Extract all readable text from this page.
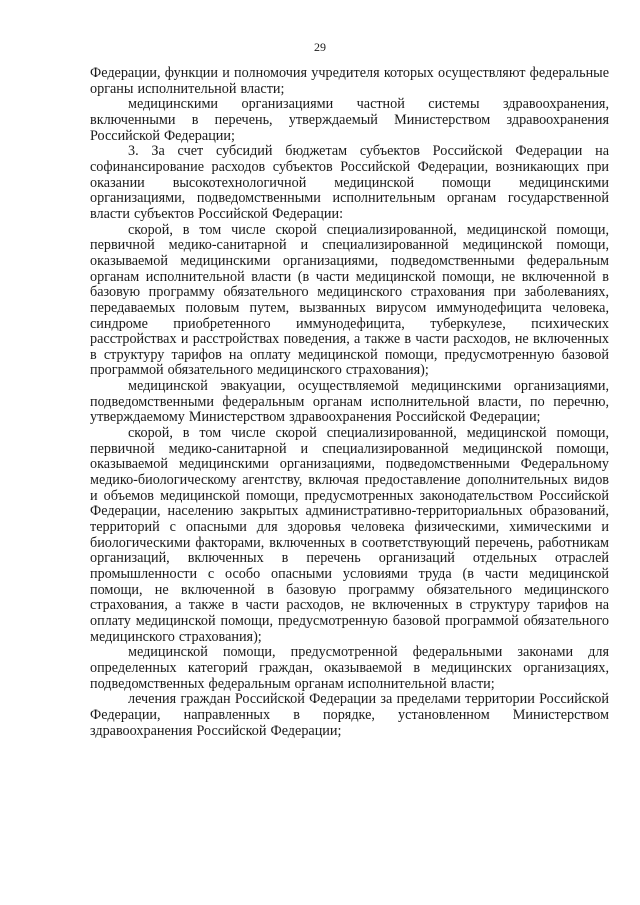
29

Федерации, функции и полномочия учредителя которых осуществляют федеральные органы исполнительной власти;

медицинскими организациями частной системы здравоохранения, включенными в перечень, утверждаемый Министерством здравоохранения Российской Федерации;

3. За счет субсидий бюджетам субъектов Российской Федерации на софинансирование расходов субъектов Российской Федерации, возникающих при оказании высокотехнологичной медицинской помощи медицинскими организациями, подведомственными исполнительным органам государственной власти субъектов Российской Федерации:

скорой, в том числе скорой специализированной, медицинской помощи, первичной медико-санитарной и специализированной медицинской помощи, оказываемой медицинскими организациями, подведомственными федеральным органам исполнительной власти (в части медицинской помощи, не включенной в базовую программу обязательного медицинского страхования при заболеваниях, передаваемых половым путем, вызванных вирусом иммунодефицита человека, синдроме приобретенного иммунодефицита, туберкулезе, психических расстройствах и расстройствах поведения, а также в части расходов, не включенных в структуру тарифов на оплату медицинской помощи, предусмотренную базовой программой обязательного медицинского страхования);

медицинской эвакуации, осуществляемой медицинскими организациями, подведомственными федеральным органам исполнительной власти, по перечню, утверждаемому Министерством здравоохранения Российской Федерации;

скорой, в том числе скорой специализированной, медицинской помощи, первичной медико-санитарной и специализированной медицинской помощи, оказываемой медицинскими организациями, подведомственными Федеральному медико-биологическому агентству, включая предоставление дополнительных видов и объемов медицинской помощи, предусмотренных законодательством Российской Федерации, населению закрытых административно-территориальных образований, территорий с опасными для здоровья человека физическими, химическими и биологическими факторами, включенных в соответствующий перечень, работникам организаций, включенных в перечень организаций отдельных отраслей промышленности с особо опасными условиями труда (в части медицинской помощи, не включенной в базовую программу обязательного медицинского страхования, а также в части расходов, не включенных в структуру тарифов на оплату медицинской помощи, предусмотренную базовой программой обязательного медицинского страхования);

медицинской помощи, предусмотренной федеральными законами для определенных категорий граждан, оказываемой в медицинских организациях, подведомственных федеральным органам исполнительной власти;

лечения граждан Российской Федерации за пределами территории Российской Федерации, направленных в порядке, установленном Министерством здравоохранения Российской Федерации;
